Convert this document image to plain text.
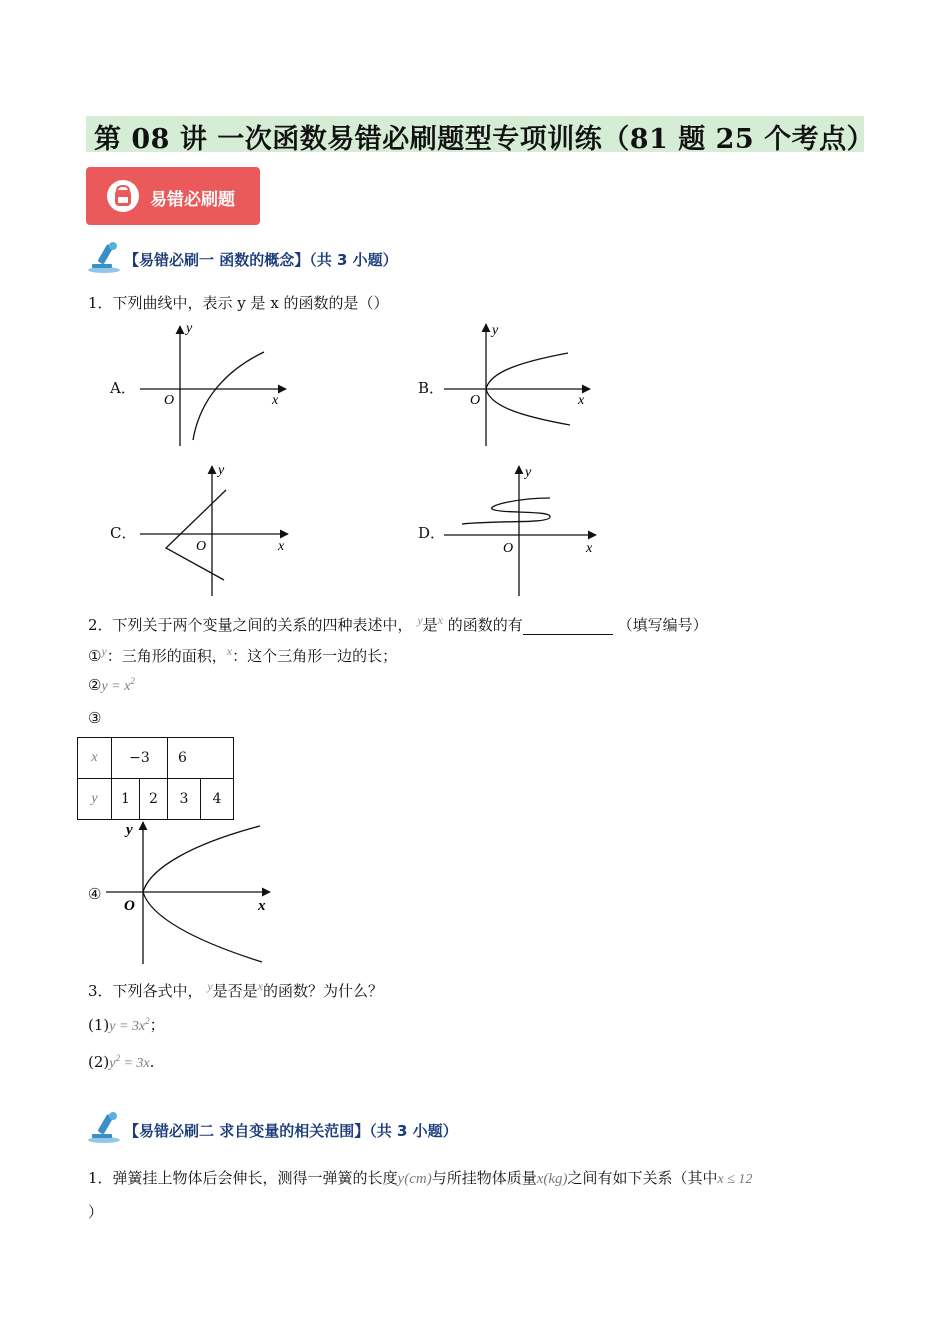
第 08 讲 一次函数易错必刷题型专项训练（81 题 25 个考点）
易错必刷题
【易错必刷一 函数的概念】（共 3 小题）
1．下列曲线中，表示 y 是 x 的函数的是（）
A．
y
x
O
B．
y
x
O
C．
y
x
O
D．
y
x
O
2．下列关于两个变量之间的关系的四种表述中， $^y$是$^x$ 的函数的有	（填写编号）
①$^y$：三角形的面积，$^x$：这个三角形一边的长；
②y = $x^2$
③
x	−3		6	
y	1	2	3	4
④
y
x
O
3．下列各式中， $^y$是否是$^x$的函数？为什么？
$(1)y = 3x^2$；
$(2)y^2 = 3x$.
【易错必刷二 求自变量的相关范围】（共 3 小题）
1．弹簧挂上物体后会伸长，测得一弹簧的长度y(cm)与所挂物体质量x(kg)之间有如下关系（其中x ≤ 12
）
